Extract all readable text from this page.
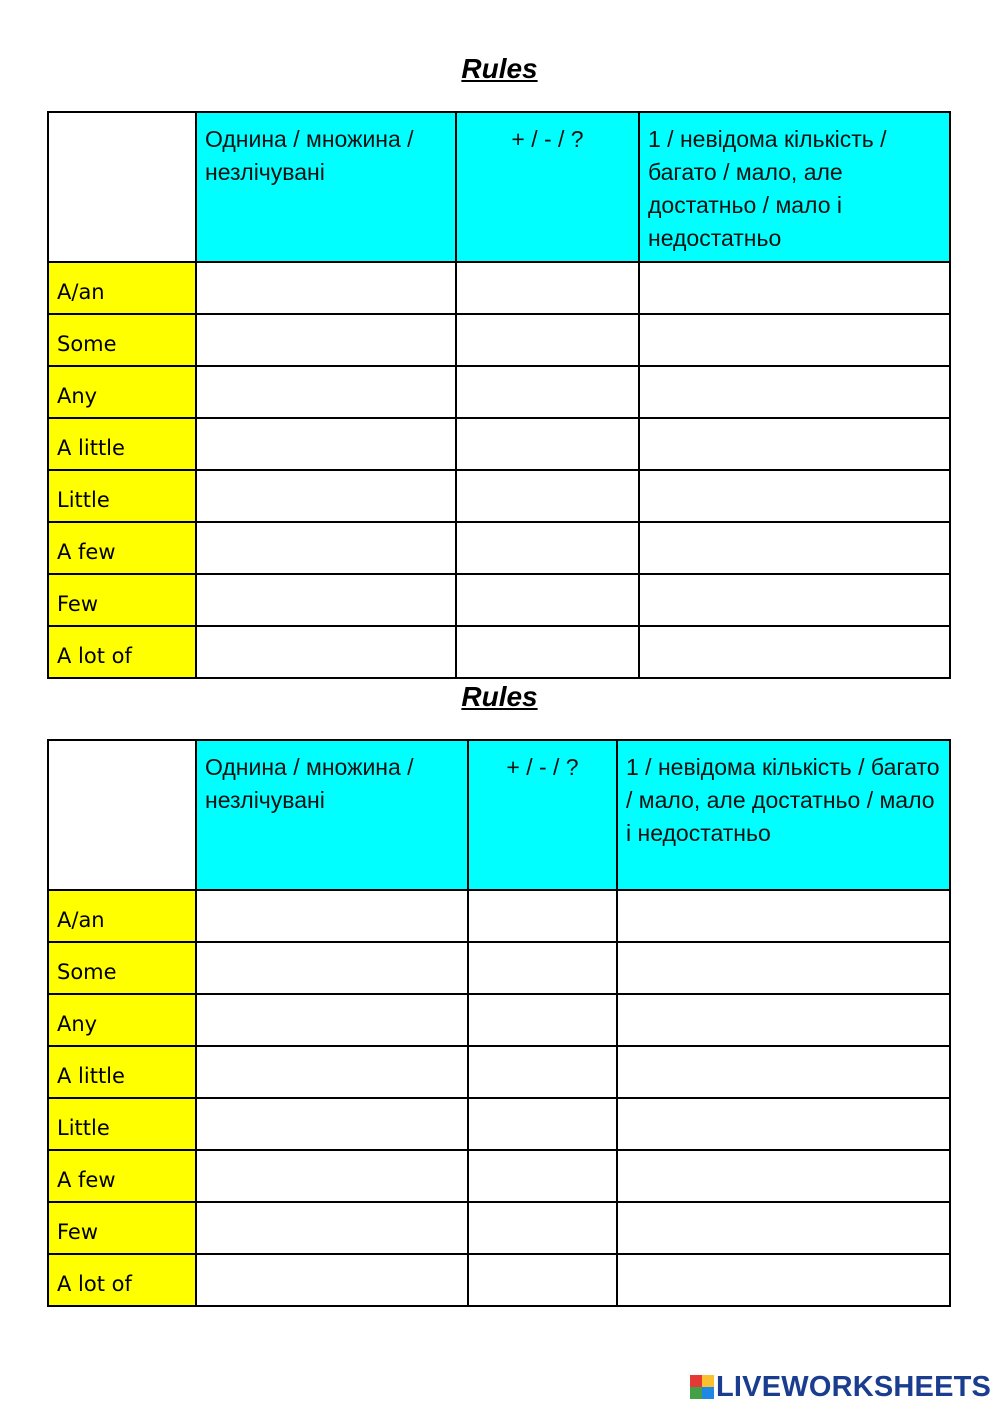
Rules
	Однина / множина / незлічувані	+ / - / ?	1 / невідома кількість / багато / мало, але достатньо / мало і недостатньо
A/an			
Some			
Any			
A little			
Little			
A few			
Few			
A lot of			
Rules
	Однина / множина / незлічувані	+ / - / ?	1 / невідома кількість / багато / мало, але достатньо / мало і недостатньо
A/an			
Some			
Any			
A little			
Little			
A few			
Few			
A lot of			
LIVEWORKSHEETS
